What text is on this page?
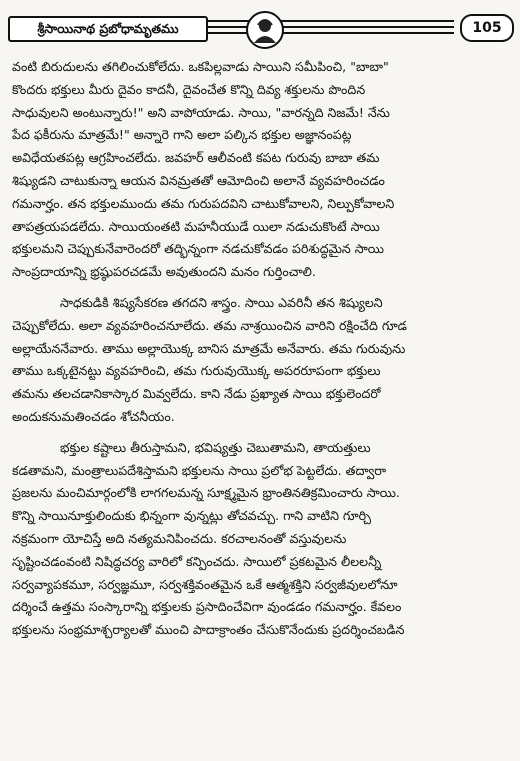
శ్రీసాయినాథ ప్రబోధామృతము	105
వంటి బిరుదులను తగిలించుకోలేదు. ఒకపిల్లవాడు సాయిని సమీపించి, "బాబా"
కొందరు భక్తులు మీరు దైవం కాదనీ, దైవంచేత కొన్ని దివ్య శక్తులను పొందిన
సాధువులని అంటున్నారు!" అని వాపోయాడు. సాయి, "వారన్నది నిజమే! నేను
పేద ఫకీరును మాత్రమే!" అన్నారె గాని అలా పల్కిన భక్తుల అజ్ఞానంపట్ల
అవిధేయతపట్ల ఆగ్రహించలేదు. జవహర్ ఆలీవంటి కపట గురువు బాబా తమ
శిష్యుడని చాటుకున్నా ఆయన వినమ్రతతో ఆమోదించి అలానే వ్యవహరించడం
గమనార్హం. తన భక్తులముందు తమ గురుపదవిని చాటుకోవాలని, నిల్పుకోవాలని
తాపత్రయపడలేదు. సాయియంతటి మహనీయుడే యిలా నడుచుకొంటే సాయి
భక్తులమని చెప్పుకునేవారెందరో తద్భిన్నంగా నడచుకోవడం పరిశుద్ధమైన సాయి
సాంప్రదాయాన్ని భ్రష్ఠుపరచడమే అవుతుందని మనం గుర్తించాలి.
సాధకుడికి శిష్యసేకరణ తగదని శాస్త్రం. సాయి ఎవరినీ తన శిష్యులని
చెప్పుకోలేదు. అలా వ్యవహరించనూలేదు. తమ నాశ్రయించిన వారిని రక్షించేది గూడ
అల్లాయేననేవారు. తాము అల్లాయొక్క బానిస మాత్రమే అనేవారు. తమ గురువును
తాము ఒక్కటైనట్టు వ్యవహరించి, తమ గురువుయొక్క అపరరూపంగా భక్తులు
తమను తలచడానికాస్కార మివ్వలేదు. కాని నేడు ప్రఖ్యాత సాయి భక్తులెందరో
అందుకనుమతించడం శోచనీయం.
భక్తుల కష్టాలు తీరుస్తామని, భవిష్యత్తు చెబుతామని, తాయత్తులు
కడతామని, మంత్రాలుపదేశిస్తామని భక్తులను సాయి ప్రలోభ పెట్టలేదు. తద్వారా
ప్రజలను మంచిమార్గంలోకి లాగగలమన్న సూక్ష్మమైన భ్రాంతినతిక్రమించారు సాయి.
కొన్ని సాయినూక్తులిందుకు భిన్నంగా వున్నట్లు తోచవచ్చు. గాని వాటిని గూర్చి
నక్రమంగా యోచిస్తే అది నత్యమనిపించదు. కరచాలనంతో వస్తువులను
సృష్టించడంవంటి నిషిద్ధచర్య వారిలో కన్పించదు. సాయిలో ప్రకటమైన లీలలన్నీ
సర్వవ్యాపకమూ, సర్వజ్ఞమూ, సర్వశక్తివంతమైన ఒకే ఆత్మశక్తిని సర్వజీవులలోనూ
దర్శించే ఉత్తమ సంస్కారాన్ని భక్తులకు ప్రసాదించేవిగా వుండడం గమనార్హం. కేవలం
భక్తులను సంభ్రమాశ్చర్యాలతో ముంచి పాదాక్రాంతం చేసుకొనేందుకు ప్రదర్శించబడిన
